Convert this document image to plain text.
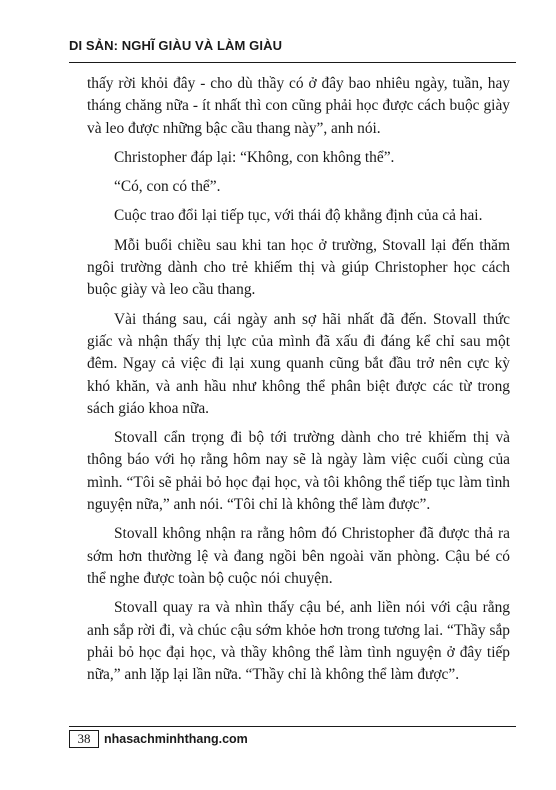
DI SẢN: NGHĨ GIÀU VÀ LÀM GIÀU

thấy rời khỏi đây - cho dù thầy có ở đây bao nhiêu ngày, tuần, hay tháng chăng nữa - ít nhất thì con cũng phải học được cách buộc giày và leo được những bậc cầu thang này”, anh nói.

Christopher đáp lại: “Không, con không thể”.

“Có, con có thể”.

Cuộc trao đổi lại tiếp tục, với thái độ khẳng định của cả hai.

Mỗi buổi chiều sau khi tan học ở trường, Stovall lại đến thăm ngôi trường dành cho trẻ khiếm thị và giúp Christopher học cách buộc giày và leo cầu thang.

Vài tháng sau, cái ngày anh sợ hãi nhất đã đến. Stovall thức giấc và nhận thấy thị lực của mình đã xấu đi đáng kể chỉ sau một đêm. Ngay cả việc đi lại xung quanh cũng bắt đầu trở nên cực kỳ khó khăn, và anh hầu như không thể phân biệt được các từ trong sách giáo khoa nữa.

Stovall cẩn trọng đi bộ tới trường dành cho trẻ khiếm thị và thông báo với họ rằng hôm nay sẽ là ngày làm việc cuối cùng của mình. “Tôi sẽ phải bỏ học đại học, và tôi không thể tiếp tục làm tình nguyện nữa,” anh nói. “Tôi chỉ là không thể làm được”.

Stovall không nhận ra rằng hôm đó Christopher đã được thả ra sớm hơn thường lệ và đang ngồi bên ngoài văn phòng. Cậu bé có thể nghe được toàn bộ cuộc nói chuyện.

Stovall quay ra và nhìn thấy cậu bé, anh liền nói với cậu rằng anh sắp rời đi, và chúc cậu sớm khỏe hơn trong tương lai. “Thầy sắp phải bỏ học đại học, và thầy không thể làm tình nguyện ở đây tiếp nữa,” anh lặp lại lần nữa. “Thầy chỉ là không thể làm được”.

38	nhasachminhthang.com
